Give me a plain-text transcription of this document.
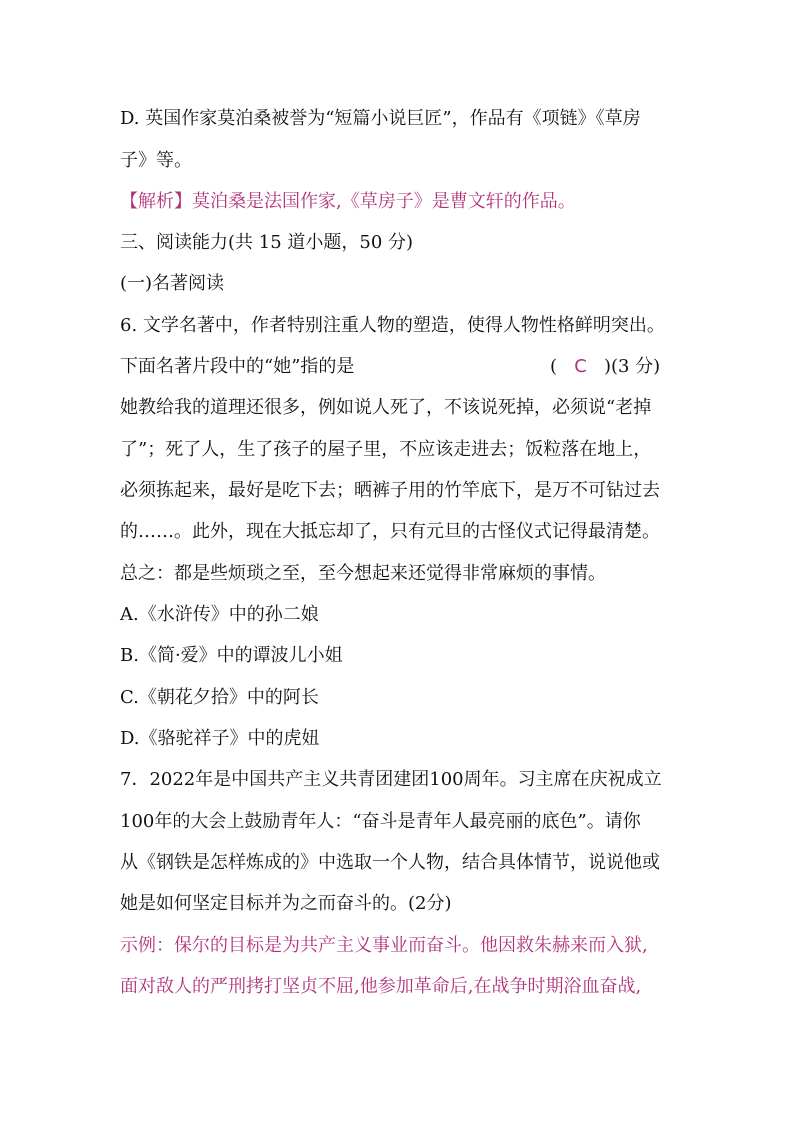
D. 英国作家莫泊桑被誉为“短篇小说巨匠”，作品有《项链》《草房
子》等。
【解析】莫泊桑是法国作家,《草房子》是曹文轩的作品。
三、阅读能力(共 15 道小题，50 分)
(一)名著阅读
6. 文学名著中，作者特别注重人物的塑造，使得人物性格鲜明突出。
下面名著片段中的“她”指的是	( C )(3 分)
她教给我的道理还很多，例如说人死了，不该说死掉，必须说“老掉
了”；死了人，生了孩子的屋子里，不应该走进去；饭粒落在地上，
必须拣起来，最好是吃下去；晒裤子用的竹竿底下，是万不可钻过去
的……。此外，现在大抵忘却了，只有元旦的古怪仪式记得最清楚。
总之：都是些烦琐之至，至今想起来还觉得非常麻烦的事情。
A.《水浒传》中的孙二娘
B.《简·爱》中的谭波儿小姐
C.《朝花夕拾》中的阿长
D.《骆驼祥子》中的虎妞
7．2022年是中国共产主义共青团建团100周年。习主席在庆祝成立
100年的大会上鼓励青年人：“奋斗是青年人最亮丽的底色”。请你
从《钢铁是怎样炼成的》中选取一个人物，结合具体情节，说说他或
她是如何坚定目标并为之而奋斗的。(2分)
示例：保尔的目标是为共产主义事业而奋斗。他因救朱赫来而入狱,
面对敌人的严刑拷打坚贞不屈,他参加革命后,在战争时期浴血奋战,
